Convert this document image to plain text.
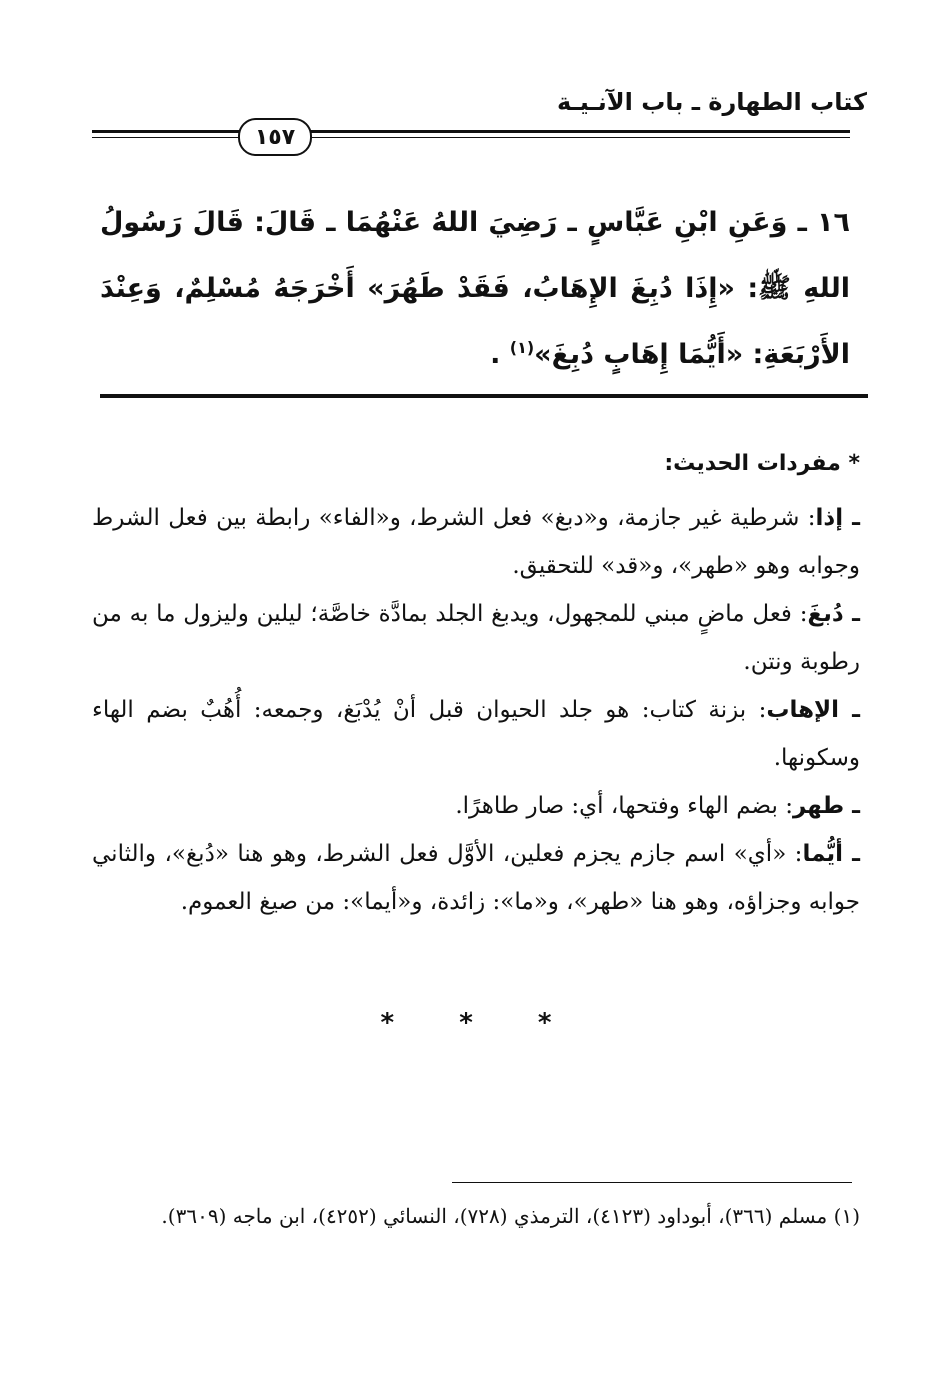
كتاب الطهارة ـ باب الآنـيـة
١٥٧
١٦ ـ وَعَنِ ابْنِ عَبَّاسٍ ـ رَضِيَ اللهُ عَنْهُمَا ـ قَالَ: قَالَ رَسُولُ اللهِ ﷺ: «إِذَا دُبِغَ الإِهَابُ، فَقَدْ طَهُرَ» أَخْرَجَهُ مُسْلِمٌ، وَعِنْدَ الأَرْبَعَةِ: «أَيُّمَا إِهَابٍ دُبِغَ»$^{(١)}$ .
* مفردات الحديث:
ـ إذا: شرطية غير جازمة، و«دبغ» فعل الشرط، و«الفاء» رابطة بين فعل الشرط وجوابه وهو «طهر»، و«قد» للتحقيق.
ـ دُبغَ: فعل ماضٍ مبني للمجهول، ويدبغ الجلد بمادَّة خاصَّة؛ ليلين وليزول ما به من رطوبة ونتن.
ـ الإهاب: بزنة كتاب: هو جلد الحيوان قبل أنْ يُدْبَغ، وجمعه: أُهُبٌ بضم الهاء وسكونها.
ـ طهر: بضم الهاء وفتحها، أي: صار طاهرًا.
ـ أيُّما: «أي» اسم جازم يجزم فعلين، الأوَّل فعل الشرط، وهو هنا «دُبغ»، والثاني جوابه وجزاؤه، وهو هنا «طهر»، و«ما»: زائدة، و«أيما»: من صيغ العموم.
* * *
(١) مسلم (٣٦٦)، أبوداود (٤١٢٣)، الترمذي (٧٢٨)، النسائي (٤٢٥٢)، ابن ماجه (٣٦٠٩).
